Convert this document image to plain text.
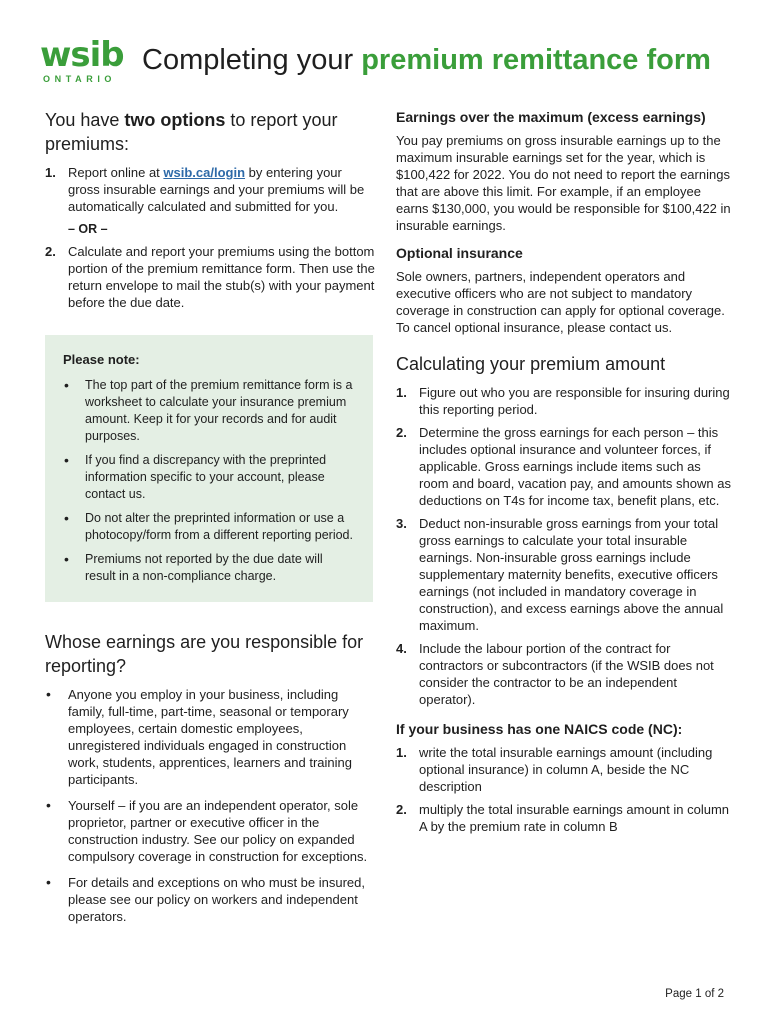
wsib
ONTARIO
Completing your premium remittance form
You have two options to report your premiums:
1. Report online at wsib.ca/login by entering your gross insurable earnings and your premiums will be automatically calculated and submitted for you.
– OR –
2. Calculate and report your premiums using the bottom portion of the premium remittance form. Then use the return envelope to mail the stub(s) with your payment before the due date.
Please note:
• The top part of the premium remittance form is a worksheet to calculate your insurance premium amount. Keep it for your records and for audit purposes.
• If you find a discrepancy with the preprinted information specific to your account, please contact us.
• Do not alter the preprinted information or use a photocopy/form from a different reporting period.
• Premiums not reported by the due date will result in a non-compliance charge.
Whose earnings are you responsible for reporting?
• Anyone you employ in your business, including family, full-time, part-time, seasonal or temporary employees, certain domestic employees, unregistered individuals engaged in construction work, students, apprentices, learners and training participants.
• Yourself – if you are an independent operator, sole proprietor, partner or executive officer in the construction industry. See our policy on expanded compulsory coverage in construction for exceptions.
• For details and exceptions on who must be insured, please see our policy on workers and independent operators.
Earnings over the maximum (excess earnings)

You pay premiums on gross insurable earnings up to the maximum insurable earnings set for the year, which is $100,422 for 2022. You do not need to report the earnings that are above this limit. For example, if an employee earns $130,000, you would be responsible for $100,422 in insurable earnings.

Optional insurance

Sole owners, partners, independent operators and executive officers who are not subject to mandatory coverage in construction can apply for optional coverage. To cancel optional insurance, please contact us.

Calculating your premium amount
1. Figure out who you are responsible for insuring during this reporting period.
2. Determine the gross earnings for each person – this includes optional insurance and volunteer forces, if applicable. Gross earnings include items such as room and board, vacation pay, and amounts shown as deductions on T4s for income tax, benefit plans, etc.
3. Deduct non-insurable gross earnings from your total gross earnings to calculate your total insurable earnings. Non-insurable gross earnings include supplementary maternity benefits, executive officers earnings (not included in mandatory coverage in construction), and excess earnings above the annual maximum.
4. Include the labour portion of the contract for contractors or subcontractors (if the WSIB does not consider the contractor to be an independent operator).
If your business has one NAICS code (NC):
1. write the total insurable earnings amount (including optional insurance) in column A, beside the NC description
2. multiply the total insurable earnings amount in column A by the premium rate in column B
Page 1 of 2
